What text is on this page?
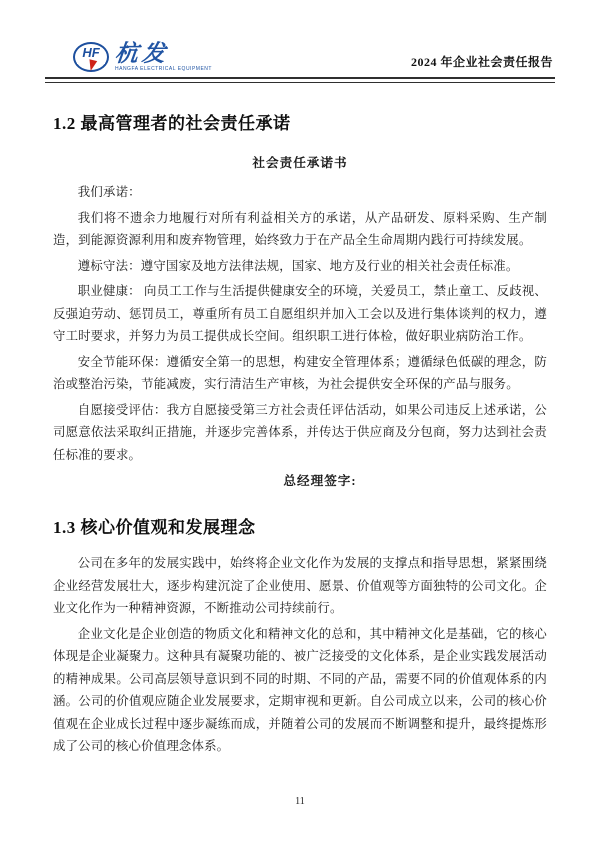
HF 杭发
HANGFA ELECTRICAL EQUIPMENT	2024 年企业社会责任报告
1.2 最高管理者的社会责任承诺
社会责任承诺书

我们承诺：

我们将不遗余力地履行对所有利益相关方的承诺，从产品研发、原料采购、生产制造，到能源资源利用和废弃物管理，始终致力于在产品全生命周期内践行可持续发展。

遵标守法：遵守国家及地方法律法规，国家、地方及行业的相关社会责任标准。

职业健康： 向员工工作与生活提供健康安全的环境，关爱员工，禁止童工、反歧视、反强迫劳动、惩罚员工，尊重所有员工自愿组织并加入工会以及进行集体谈判的权力，遵守工时要求，并努力为员工提供成长空间。组织职工进行体检，做好职业病防治工作。

安全节能环保：遵循安全第一的思想，构建安全管理体系；遵循绿色低碳的理念，防治或整治污染，节能减废，实行清洁生产审核，为社会提供安全环保的产品与服务。

自愿接受评估：我方自愿接受第三方社会责任评估活动，如果公司违反上述承诺，公司愿意依法采取纠正措施，并逐步完善体系，并传达于供应商及分包商，努力达到社会责任标准的要求。

总经理签字:
1.3 核心价值观和发展理念

公司在多年的发展实践中，始终将企业文化作为发展的支撑点和指导思想，紧紧围绕企业经营发展壮大，逐步构建沉淀了企业使用、愿景、价值观等方面独特的公司文化。企业文化作为一种精神资源，不断推动公司持续前行。

企业文化是企业创造的物质文化和精神文化的总和，其中精神文化是基础，它的核心体现是企业凝聚力。这种具有凝聚功能的、被广泛接受的文化体系，是企业实践发展活动的精神成果。公司高层领导意识到不同的时期、不同的产品，需要不同的价值观体系的内涵。公司的价值观应随企业发展要求，定期审视和更新。自公司成立以来，公司的核心价值观在企业成长过程中逐步凝练而成，并随着公司的发展而不断调整和提升，最终提炼形成了公司的核心价值理念体系。

11
